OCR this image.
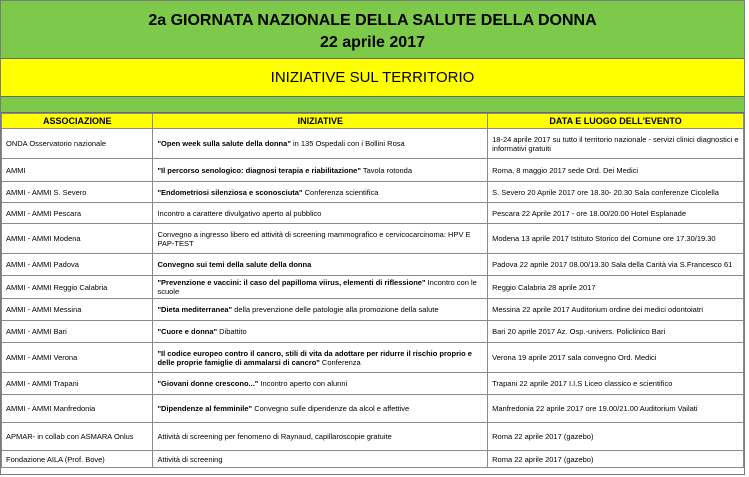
2a GIORNATA NAZIONALE DELLA SALUTE DELLA DONNA
22 aprile 2017
INIZIATIVE SUL TERRITORIO
ASSOCIAZIONE	INIZIATIVE	DATA E LUOGO DELL'EVENTO
ONDA Osservatorio nazionale	"Open week sulla salute della donna" in 135 Ospedali con i Bollini Rosa	18-24 aprile 2017 su tutto il territorio nazionale - servizi clinici diagnostici e informativi gratuiti
AMMI	"Il percorso senologico: diagnosi terapia e riabilitazione" Tavola rotonda	Roma, 8 maggio 2017 sede Ord. Dei Medici
AMMI - AMMI S. Severo	"Endometriosi silenziosa e sconosciuta" Conferenza scientifica	S. Severo 20 Aprile 2017 ore 18.30- 20.30 Sala conferenze Cicolella
AMMI - AMMI Pescara	Incontro a carattere divulgativo aperto al pubblico	Pescara 22 Aprile 2017 - ore 18.00/20.00 Hotel Esplanade
AMMI - AMMI Modena	Convegno a ingresso libero ed attività di screening mammografico e cervicocarcinoma: HPV E PAP-TEST	Modena 13 aprile 2017 Istituto Storico del Comune ore 17.30/19.30
AMMI - AMMI Padova	Convegno sui temi della salute della donna	Padova 22 aprile 2017 08.00/13.30 Sala della Carità via S.Francesco 61
AMMI - AMMI Reggio Calabria	"Prevenzione e vaccini: il caso del papilloma viirus, elementi di riflessione" Incontro con le scuole	Reggio Calabria 28 aprile 2017
AMMI - AMMI Messina	"Dieta mediterranea" della prevenzione delle patologie alla promozione della salute	Messina 22 aprile 2017 Auditorium ordine dei medici odontoiatri
AMMI - AMMI Bari	"Cuore e donna" Dibattito	Bari 20 aprile 2017 Az. Osp.-univers. Policlinico Bari
AMMI - AMMI Verona	"Il codice europeo contro il cancro, stili di vita da adottare per ridurre il rischio proprio e delle proprie famiglie di ammalarsi di cancro" Conferenza	Verona 19 aprile 2017 sala convegno Ord. Medici
AMMI - AMMI Trapani	"Giovani donne crescono..." Incontro aperto con alunni	Trapani 22 aprile 2017 I.I.S Liceo classico e scientifico
AMMI - AMMI Manfredonia	"Dipendenze al femminile" Convegno sulle dipendenze da alcol e affettive	Manfredonia 22 aprile 2017 ore 19.00/21.00 Auditorium Vailati
APMAR- in collab con ASMARA Onlus	Attività di screening per fenomeno di Raynaud, capillaroscopie gratuite	Roma 22 aprile 2017 (gazebo)
Fondazione AILA (Prof. Bove)	Attività di screening	Roma 22 aprile 2017 (gazebo)
